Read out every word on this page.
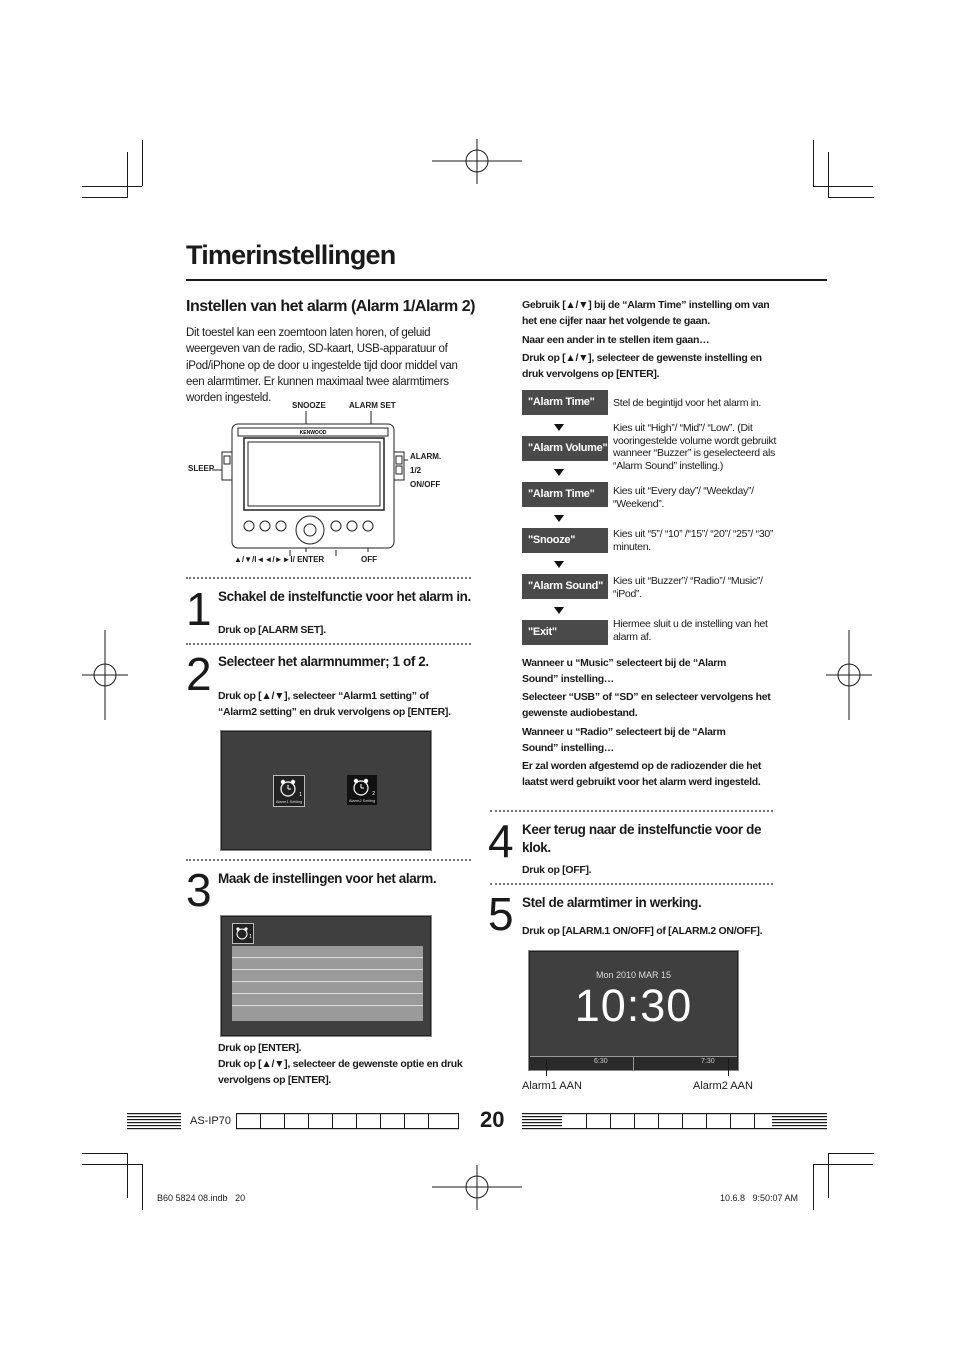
Timerinstellingen
Instellen van het alarm (Alarm 1/Alarm 2)
Dit toestel kan een zoemtoon laten horen, of geluid weergeven van de radio, SD-kaart, USB-apparatuur of iPod/iPhone op de door u ingestelde tijd door middel van een alarmtimer. Er kunnen maximaal twee alarmtimers worden ingesteld.
SNOOZE	ALARM SET
SLEEP
ALARM.
1/2
ON/OFF
▲/▼/I◄◄/►►I/ ENTER	OFF
KENWOOD
1 Schakel de instelfunctie voor het alarm in.
Druk op [ALARM SET].
2 Selecteer het alarmnummer; 1 of 2.
Druk op [▲/▼], selecteer “Alarm1 setting” of “Alarm2 setting” en druk vervolgens op [ENTER].
1
Alarm1 Setting
2
Alarm2 Setting
3 Maak de instellingen voor het alarm.
1
Druk op [ENTER].
Druk op [▲/▼], selecteer de gewenste optie en druk vervolgens op [ENTER].
Gebruik [▲/▼] bij de “Alarm Time” instelling om van het ene cijfer naar het volgende te gaan.
Naar een ander in te stellen item gaan…
Druk op [▲/▼], selecteer de gewenste instelling en druk vervolgens op [ENTER].
"Alarm Time"	Stel de begintijd voor het alarm in.
"Alarm Volume"
Kies uit “High”/ “Mid”/ “Low”. (Dit vooringestelde volume wordt gebruikt wanneer “Buzzer” is geselecteerd als “Alarm Sound” instelling.)
"Alarm Time"	Kies uit “Every day”/ “Weekday”/ “Weekend”.
"Snooze"	Kies uit “5”/ “10” /“15”/ “20”/ “25”/ “30” minuten.
"Alarm Sound" Kies uit “Buzzer”/ “Radio”/ “Music”/ “iPod”.
"Exit"
Hiermee sluit u de instelling van het alarm af.
Wanneer u “Music” selecteert bij de “Alarm Sound” instelling…
Selecteer “USB” of “SD” en selecteer vervolgens het gewenste audiobestand.
Wanneer u “Radio” selecteert bij de “Alarm Sound” instelling…
Er zal worden afgestemd op de radiozender die het laatst werd gebruikt voor het alarm werd ingesteld.
4 Keer terug naar de instelfunctie voor de klok.
Druk op [OFF].
5 Stel de alarmtimer in werking.
Druk op [ALARM.1 ON/OFF] of [ALARM.2 ON/OFF].
Mon 2010 MAR 15
10:30
6:30	7:30
Alarm1 AAN	Alarm2 AAN
AS-IP70	20
B60 5824 08.indb   20	10.6.8   9:50:07 AM
